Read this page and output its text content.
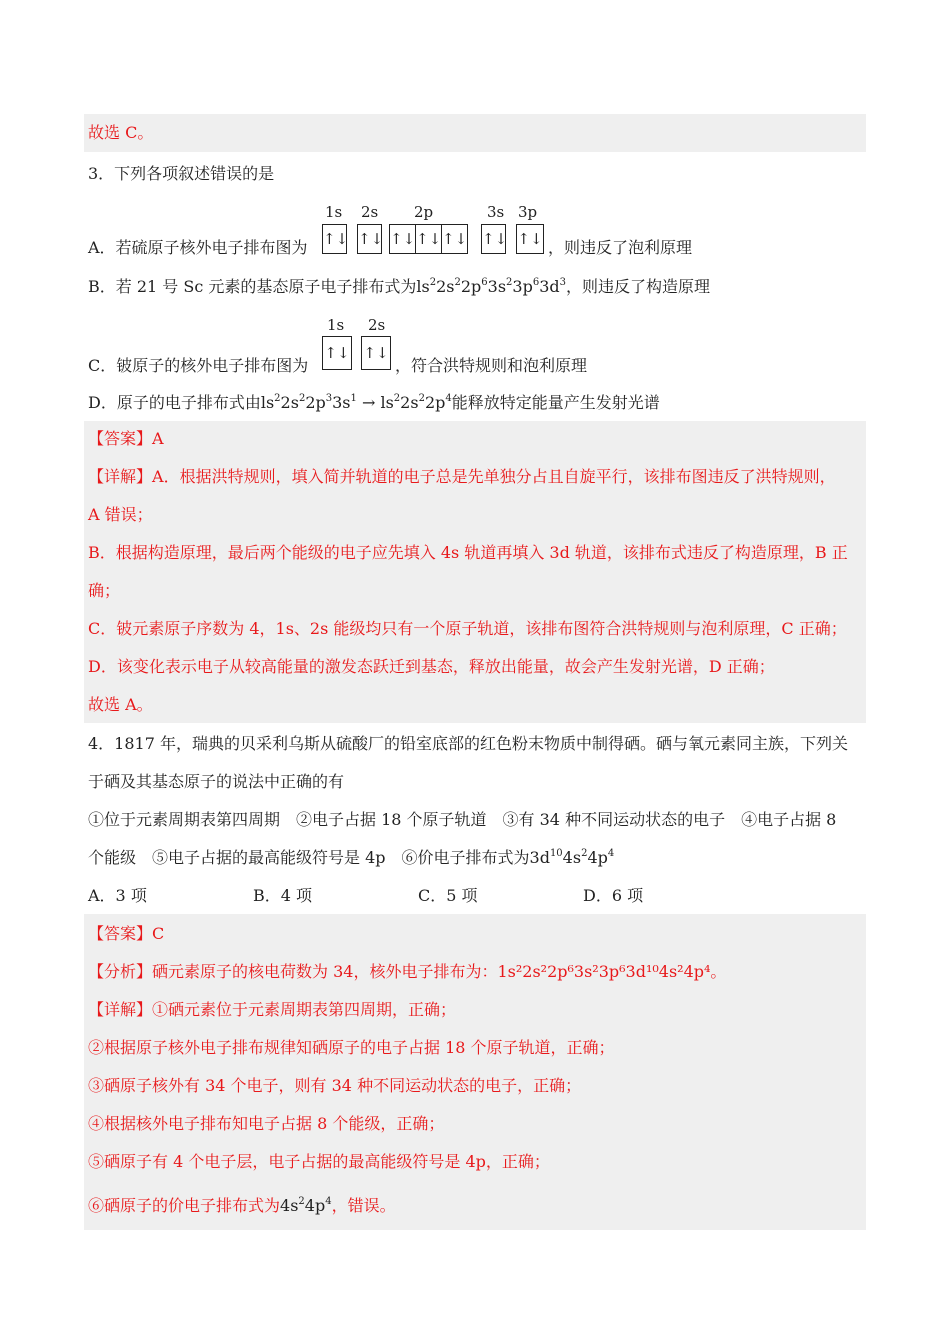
故选 C。
3．下列各项叙述错误的是
1s 2s 2p	3s 3p
A．若硫原子核外电子排布图为 ↑↓ ↑↓ ↑↓ ↑↓ ↑↓ ↑↓ ↑↓ ，则违反了泡利原理
B．若 21 号 Sc 元素的基态原子电子排布式为$ls^22s^22p^63s^23p^63d^3$，则违反了构造原理
1s 2s
C．铍原子的核外电子排布图为
↑↓ ↑↓
，符合洪特规则和泡利原理
D．原子的电子排布式由$ls^22s^22p^33s^1 \to ls^22s^22p^4$能释放特定能量产生发射光谱
【答案】A
【详解】A．根据洪特规则，填入简并轨道的电子总是先单独分占且自旋平行，该排布图违反了洪特规则，
A 错误；
B．根据构造原理，最后两个能级的电子应先填入 4s 轨道再填入 3d 轨道，该排布式违反了构造原理，B 正
确；
C．铍元素原子序数为 4，1s、2s 能级均只有一个原子轨道，该排布图符合洪特规则与泡利原理，C 正确；
D．该变化表示电子从较高能量的激发态跃迁到基态，释放出能量，故会产生发射光谱，D 正确；
故选 A。
4．1817 年，瑞典的贝采利乌斯从硫酸厂的铅室底部的红色粉末物质中制得硒。硒与氧元素同主族，下列关
于硒及其基态原子的说法中正确的有
①位于元素周期表第四周期　②电子占据 18 个原子轨道　③有 34 种不同运动状态的电子　④电子占据 8
个能级　⑤电子占据的最高能级符号是 4p　⑥价电子排布式为$3d^{10}4s^24p^4$
A．3 项	B．4 项	C．5 项	D．6 项
【答案】C
【分析】硒元素原子的核电荷数为 34，核外电子排布为：1s²2s²2p⁶3s²3p⁶3d¹⁰4s²4p⁴。
【详解】①硒元素位于元素周期表第四周期，正确；
②根据原子核外电子排布规律知硒原子的电子占据 18 个原子轨道，正确；
③硒原子核外有 34 个电子，则有 34 种不同运动状态的电子，正确；
④根据核外电子排布知电子占据 8 个能级，正确；
⑤硒原子有 4 个电子层，电子占据的最高能级符号是 4p，正确；
⑥硒原子的价电子排布式为$4s^24p^4$，错误。
